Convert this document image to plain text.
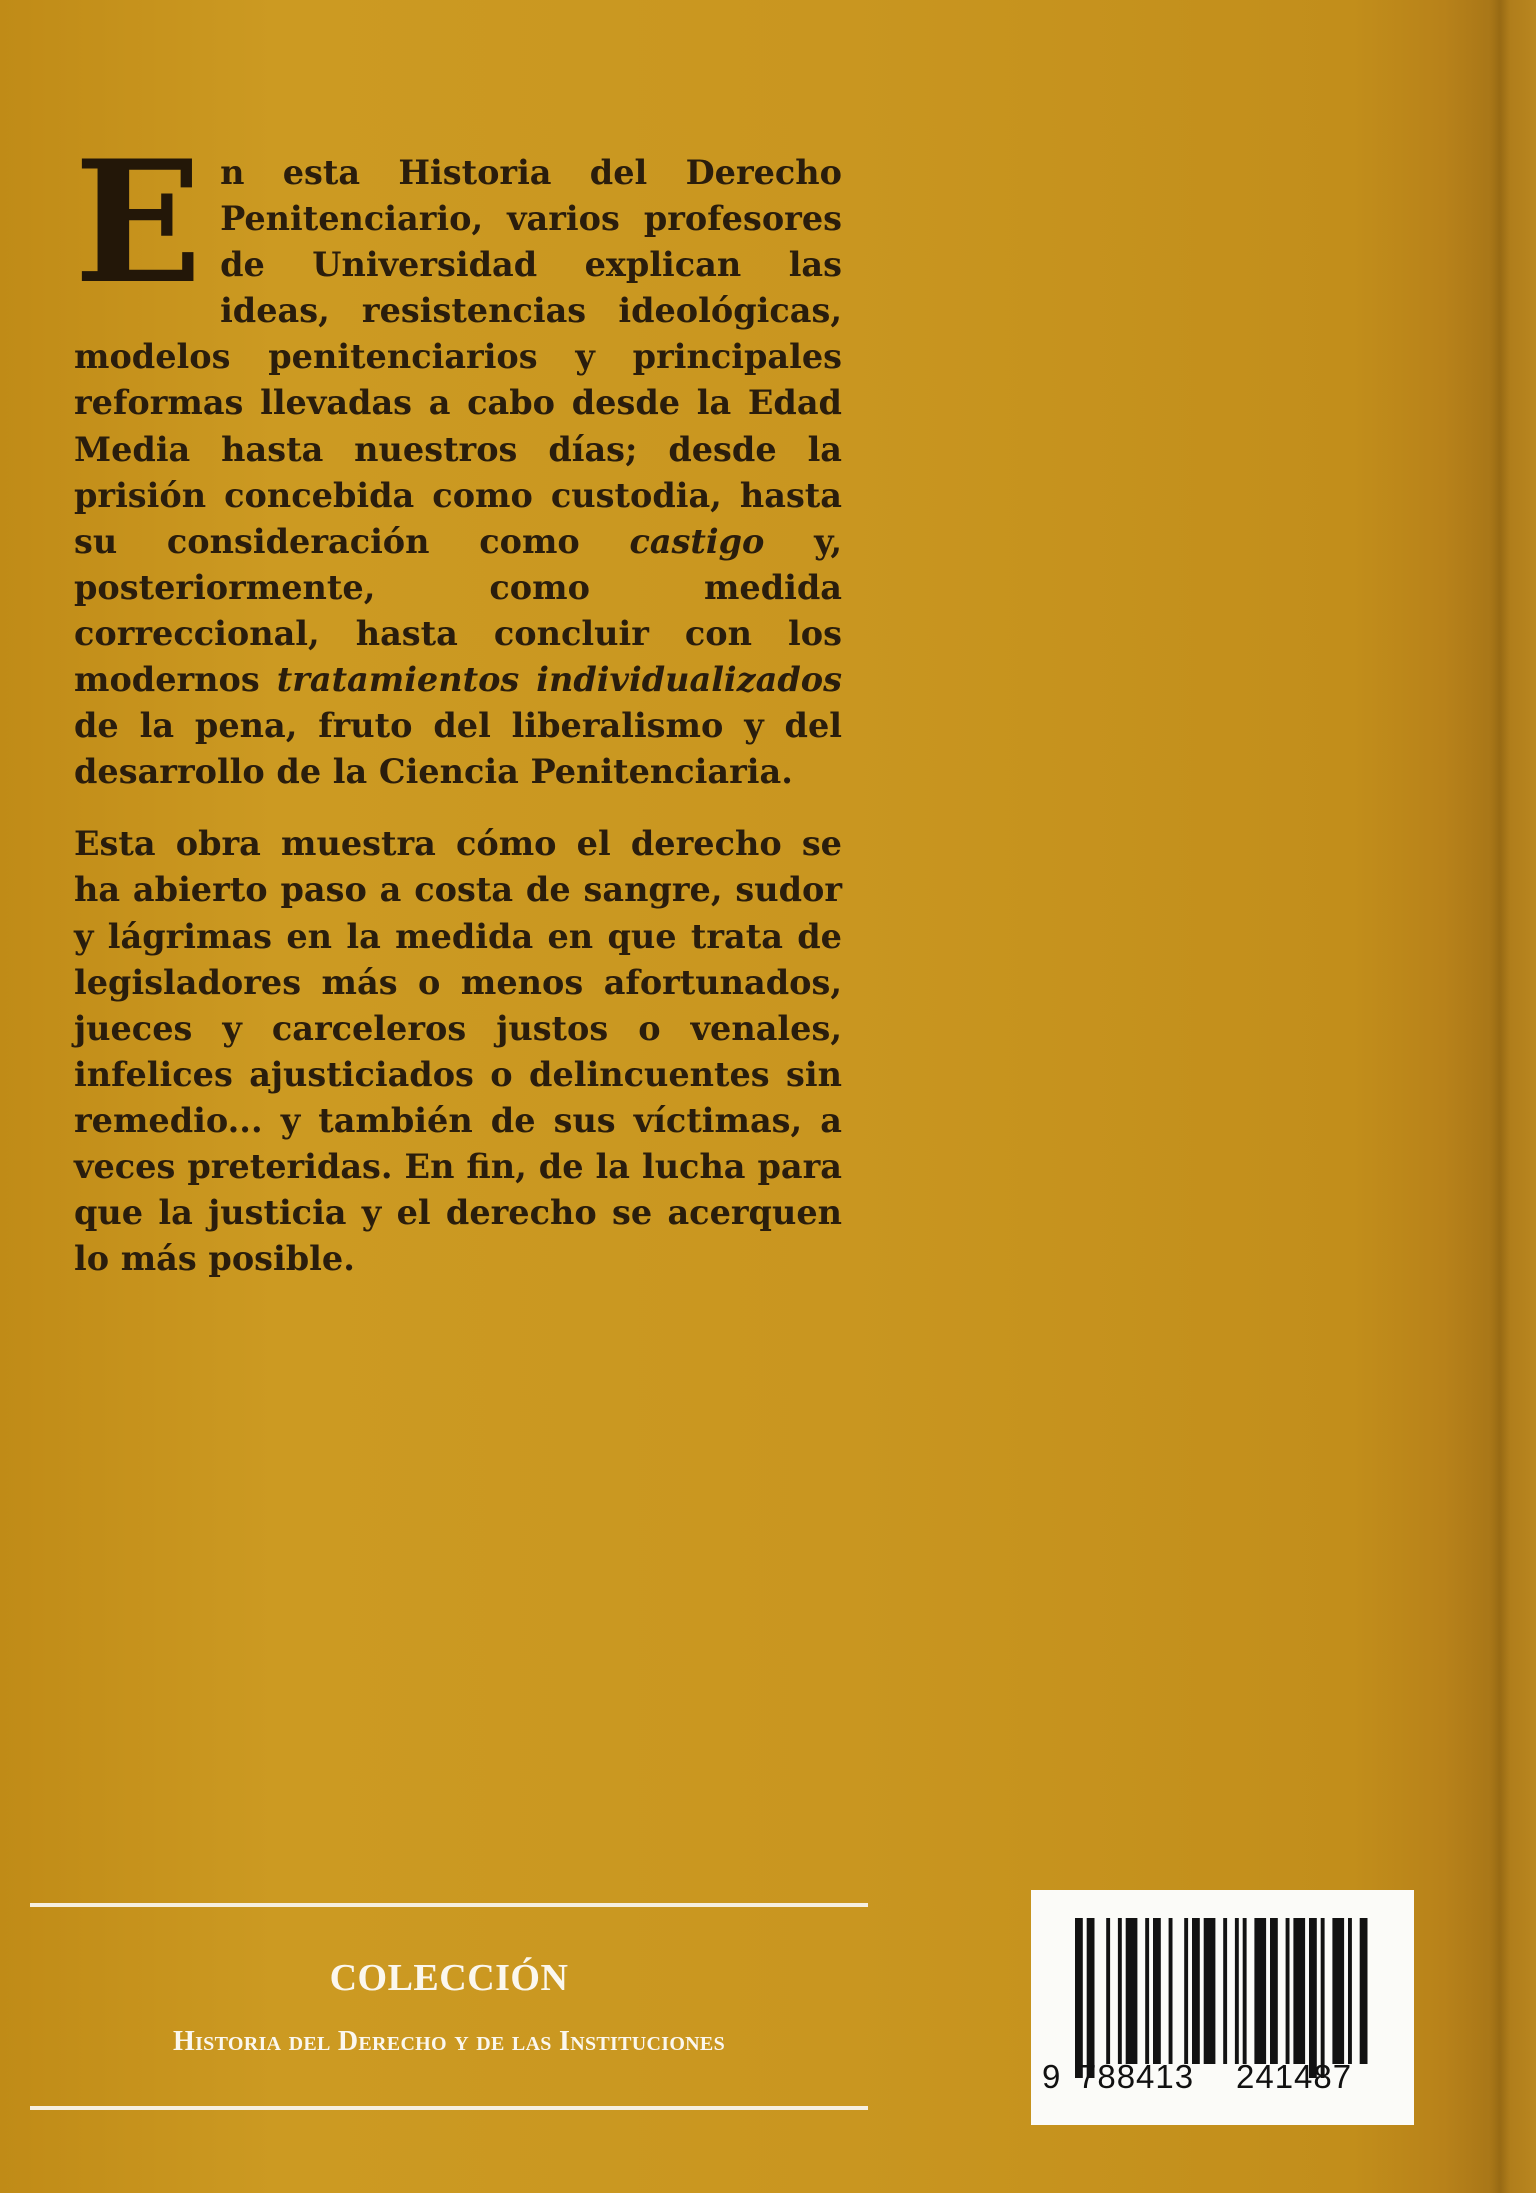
En esta Historia del Derecho Penitenciario, varios profesores de Universidad explican las ideas, resistencias ideológicas, modelos penitenciarios y principales reformas llevadas a cabo desde la Edad Media hasta nuestros días; desde la prisión concebida como custodia, hasta su consideración como castigo y, posteriormente, como medida correccional, hasta concluir con los modernos tratamientos individualizados de la pena, fruto del liberalismo y del desarrollo de la Ciencia Penitenciaria.

Esta obra muestra cómo el derecho se ha abierto paso a costa de sangre, sudor y lágrimas en la medida en que trata de legisladores más o menos afortunados, jueces y carceleros justos o venales, infelices ajusticiados o delincuentes sin remedio... y también de sus víctimas, a veces preteridas. En fin, de la lucha para que la justicia y el derecho se acerquen lo más posible.

COLECCIÓN
Historia del Derecho y de las Instituciones
9 788413 241487
